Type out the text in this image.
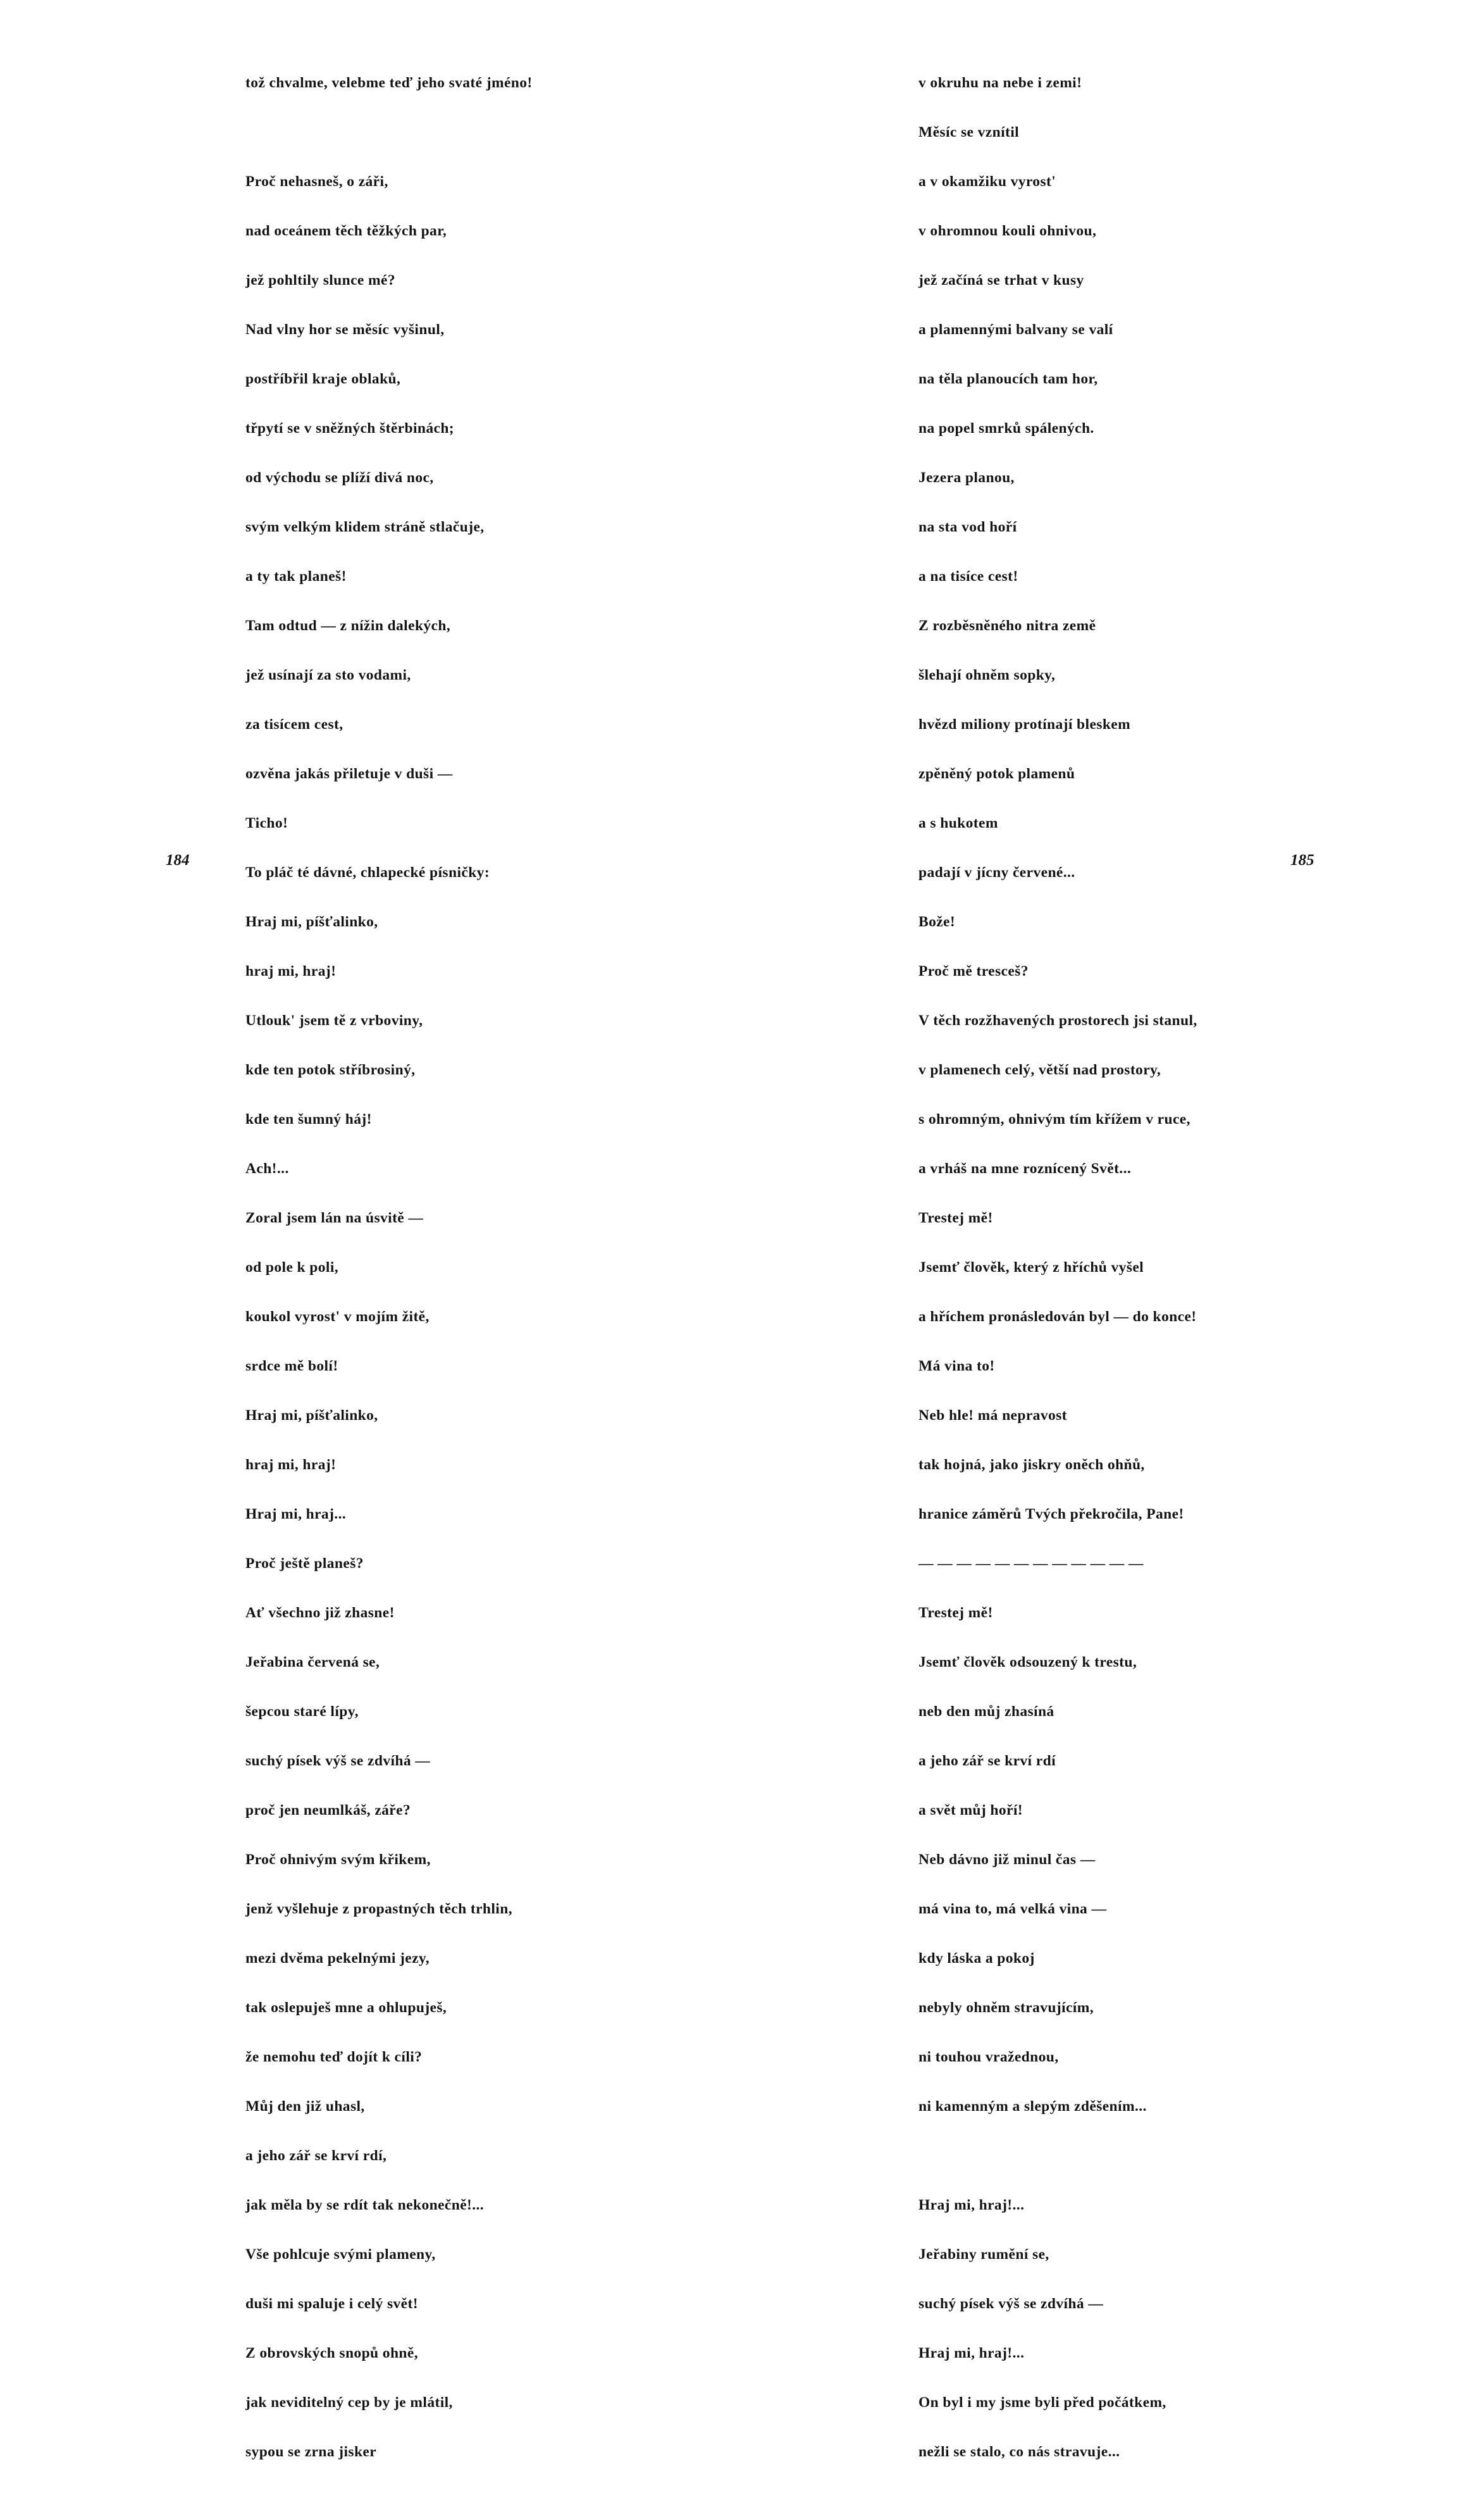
tož chvalme, velebme teď jeho svaté jméno!

Proč nehasneš, o záři,

nad oceánem těch těžkých par,

jež pohltily slunce mé?

Nad vlny hor se měsíc vyšinul,

postříbřil kraje oblaků,

třpytí se v sněžných štěrbinách;

od východu se plíží divá noc,

svým velkým klidem stráně stlačuje,

a ty tak planeš!

Tam odtud — z nížin dalekých,

jež usínají za sto vodami,

za tisícem cest,

ozvěna jakás přiletuje v duši —

Ticho!

To pláč té dávné, chlapecké písničky:

Hraj mi, píšťalinko,

hraj mi, hraj!

Utlouk' jsem tě z vrboviny,

kde ten potok stříbrosiný,

kde ten šumný háj!

Ach!...

Zoral jsem lán na úsvitě —

od pole k poli,

koukol vyrost' v mojím žitě,

srdce mě bolí!

Hraj mi, píšťalinko,

hraj mi, hraj!

Hraj mi, hraj...

Proč ještě planeš?

Ať všechno již zhasne!

Jeřabina červená se,

šepcou staré lípy,

suchý písek výš se zdvíhá —

proč jen neumlkáš, záře?

Proč ohnivým svým křikem,

jenž vyšlehuje z propastných těch trhlin,

mezi dvěma pekelnými jezy,

tak oslepuješ mne a ohlupuješ,

že nemohu teď dojít k cíli?

Můj den již uhasl,

a jeho zář se krví rdí,

jak měla by se rdít tak nekonečně!...

Vše pohlcuje svými plameny,

duši mi spaluje i celý svět!

Z obrovských snopů ohně,

jak neviditelný cep by je mlátil,

sypou se zrna jisker

184

v okruhu na nebe i zemi!

Měsíc se vznítil

a v okamžiku vyrost'

v ohromnou kouli ohnivou,

jež začíná se trhat v kusy

a plamennými balvany se valí

na těla planoucích tam hor,

na popel smrků spálených.

Jezera planou,

na sta vod hoří

a na tisíce cest!

Z rozběsněného nitra země

šlehají ohněm sopky,

hvězd miliony protínají bleskem

zpěněný potok plamenů

a s hukotem

padají v jícny červené...

Bože!

Proč mě tresceš?

V těch rozžhavených prostorech jsi stanul,

v plamenech celý, větší nad prostory,

s ohromným, ohnivým tím křížem v ruce,

a vrháš na mne roznícený Svět...

Trestej mě!

Jsemť člověk, který z hříchů vyšel

a hříchem pronásledován byl — do konce!

Má vina to!

Neb hle! má nepravost

tak hojná, jako jiskry oněch ohňů,

hranice záměrů Tvých překročila, Pane!

— — — — — — — — — — — —

Trestej mě!

Jsemť člověk odsouzený k trestu,

neb den můj zhasíná

a jeho zář se krví rdí

a svět můj hoří!

Neb dávno již minul čas —

má vina to, má velká vina —

kdy láska a pokoj

nebyly ohněm stravujícím,

ni touhou vražednou,

ni kamenným a slepým zděšením...

Hraj mi, hraj!...

Jeřabiny rumění se,

suchý písek výš se zdvíhá —

Hraj mi, hraj!...

On byl i my jsme byli před počátkem,

nežli se stalo, co nás stravuje...

185
